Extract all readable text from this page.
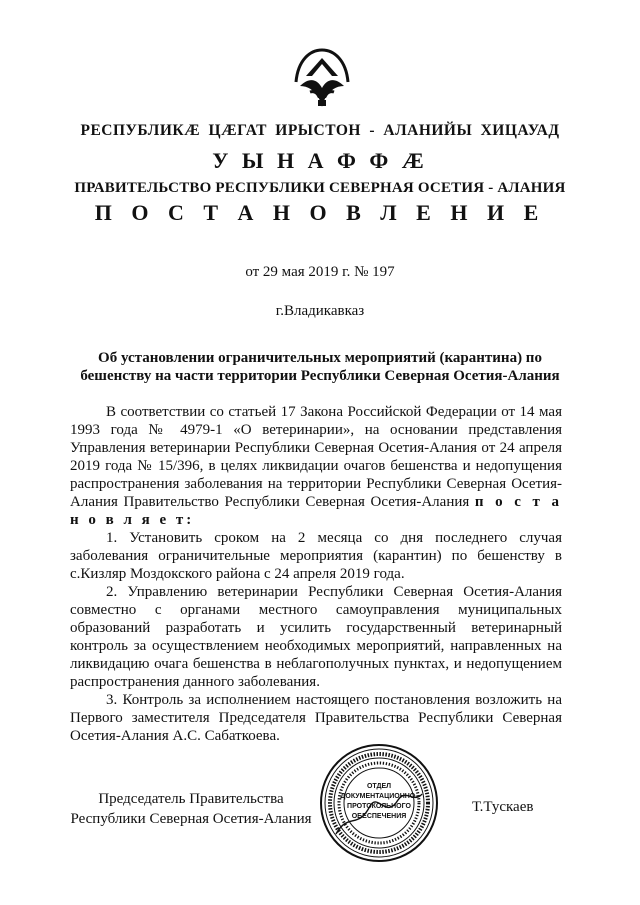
РЕСПУБЛИКӔ ЦӔГАТ ИРЫСТОН - АЛАНИЙЫ ХИЦАУАД
У Ы Н А Ф Ф Ӕ
ПРАВИТЕЛЬСТВО РЕСПУБЛИКИ СЕВЕРНАЯ ОСЕТИЯ - АЛАНИЯ
П О С Т А Н О В Л Е Н И Е
от 29 мая 2019 г. № 197
г.Владикавказ
Об установлении ограничительных мероприятий (карантина) по бешенству на части территории Республики Северная Осетия-Алания

В соответствии со статьей 17 Закона Российской Федерации от 14 мая 1993 года № 4979-1 «О ветеринарии», на основании представления Управления ветеринарии Республики Северная Осетия-Алания от 24 апреля 2019 года № 15/396, в целях ликвидации очагов бешенства и недопущения распространения заболевания на территории Республики Северная Осетия-Алания Правительство Республики Северная Осетия-Алания п о с т а н о в л я е т:

1. Установить сроком на 2 месяца со дня последнего случая заболевания ограничительные мероприятия (карантин) по бешенству в с.Кизляр Моздокского района с 24 апреля 2019 года.

2. Управлению ветеринарии Республики Северная Осетия-Алания совместно с органами местного самоуправления муниципальных образований разработать и усилить государственный ветеринарный контроль за осуществлением необходимых мероприятий, направленных на ликвидацию очага бешенства в неблагополучных пунктах, и недопущением распространения данного заболевания.

3. Контроль за исполнением настоящего постановления возложить на Первого заместителя Председателя Правительства Республики Северная Осетия-Алания А.С. Сабаткоева.

Председатель Правительства
Республики Северная Осетия-Алания
ОТДЕЛ
ДОКУМЕНТАЦИОННО-
ПРОТОКОЛЬНОГО
ОБЕСПЕЧЕНИЯ
Т.Тускаев
